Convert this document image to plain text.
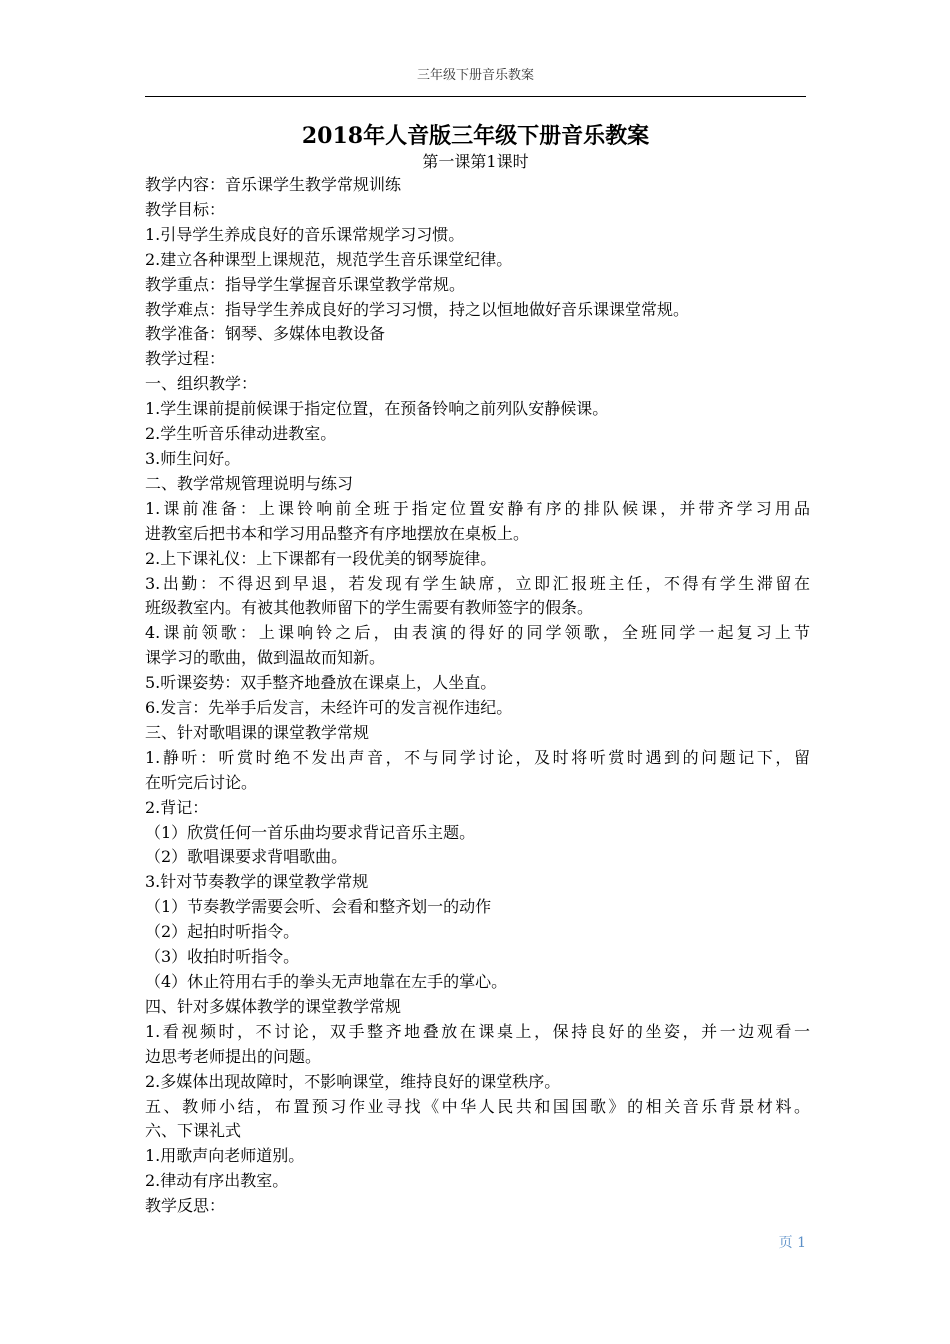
三年级下册音乐教案
2018年人音版三年级下册音乐教案
第一课第1课时
教学内容：音乐课学生教学常规训练
教学目标：
1.引导学生养成良好的音乐课常规学习习惯。
2.建立各种课型上课规范，规范学生音乐课堂纪律。
教学重点：指导学生掌握音乐课堂教学常规。
教学难点：指导学生养成良好的学习习惯，持之以恒地做好音乐课课堂常规。
教学准备：钢琴、多媒体电教设备
教学过程：
一、组织教学：
1.学生课前提前候课于指定位置，在预备铃响之前列队安静候课。
2.学生听音乐律动进教室。
3.师生问好。
二、教学常规管理说明与练习
1.课前准备：上课铃响前全班于指定位置安静有序的排队候课，并带齐学习用品
进教室后把书本和学习用品整齐有序地摆放在桌板上。
2.上下课礼仪：上下课都有一段优美的钢琴旋律。
3.出勤：不得迟到早退，若发现有学生缺席，立即汇报班主任，不得有学生滞留在
班级教室内。有被其他教师留下的学生需要有教师签字的假条。
4.课前领歌：上课响铃之后，由表演的得好的同学领歌，全班同学一起复习上节
课学习的歌曲，做到温故而知新。
5.听课姿势：双手整齐地叠放在课桌上，人坐直。
6.发言：先举手后发言，未经许可的发言视作违纪。
三、针对歌唱课的课堂教学常规
1.静听：听赏时绝不发出声音，不与同学讨论，及时将听赏时遇到的问题记下，留
在听完后讨论。
2.背记：
（1）欣赏任何一首乐曲均要求背记音乐主题。
（2）歌唱课要求背唱歌曲。
3.针对节奏教学的课堂教学常规
（1）节奏教学需要会听、会看和整齐划一的动作
（2）起拍时听指令。
（3）收拍时听指令。
（4）休止符用右手的拳头无声地靠在左手的掌心。
四、针对多媒体教学的课堂教学常规
1.看视频时，不讨论，双手整齐地叠放在课桌上，保持良好的坐姿，并一边观看一
边思考老师提出的问题。
2.多媒体出现故障时，不影响课堂，维持良好的课堂秩序。
五、教师小结，布置预习作业寻找《中华人民共和国国歌》的相关音乐背景材料。
六、下课礼式
1.用歌声向老师道别。
2.律动有序出教室。
教学反思：
页 1
